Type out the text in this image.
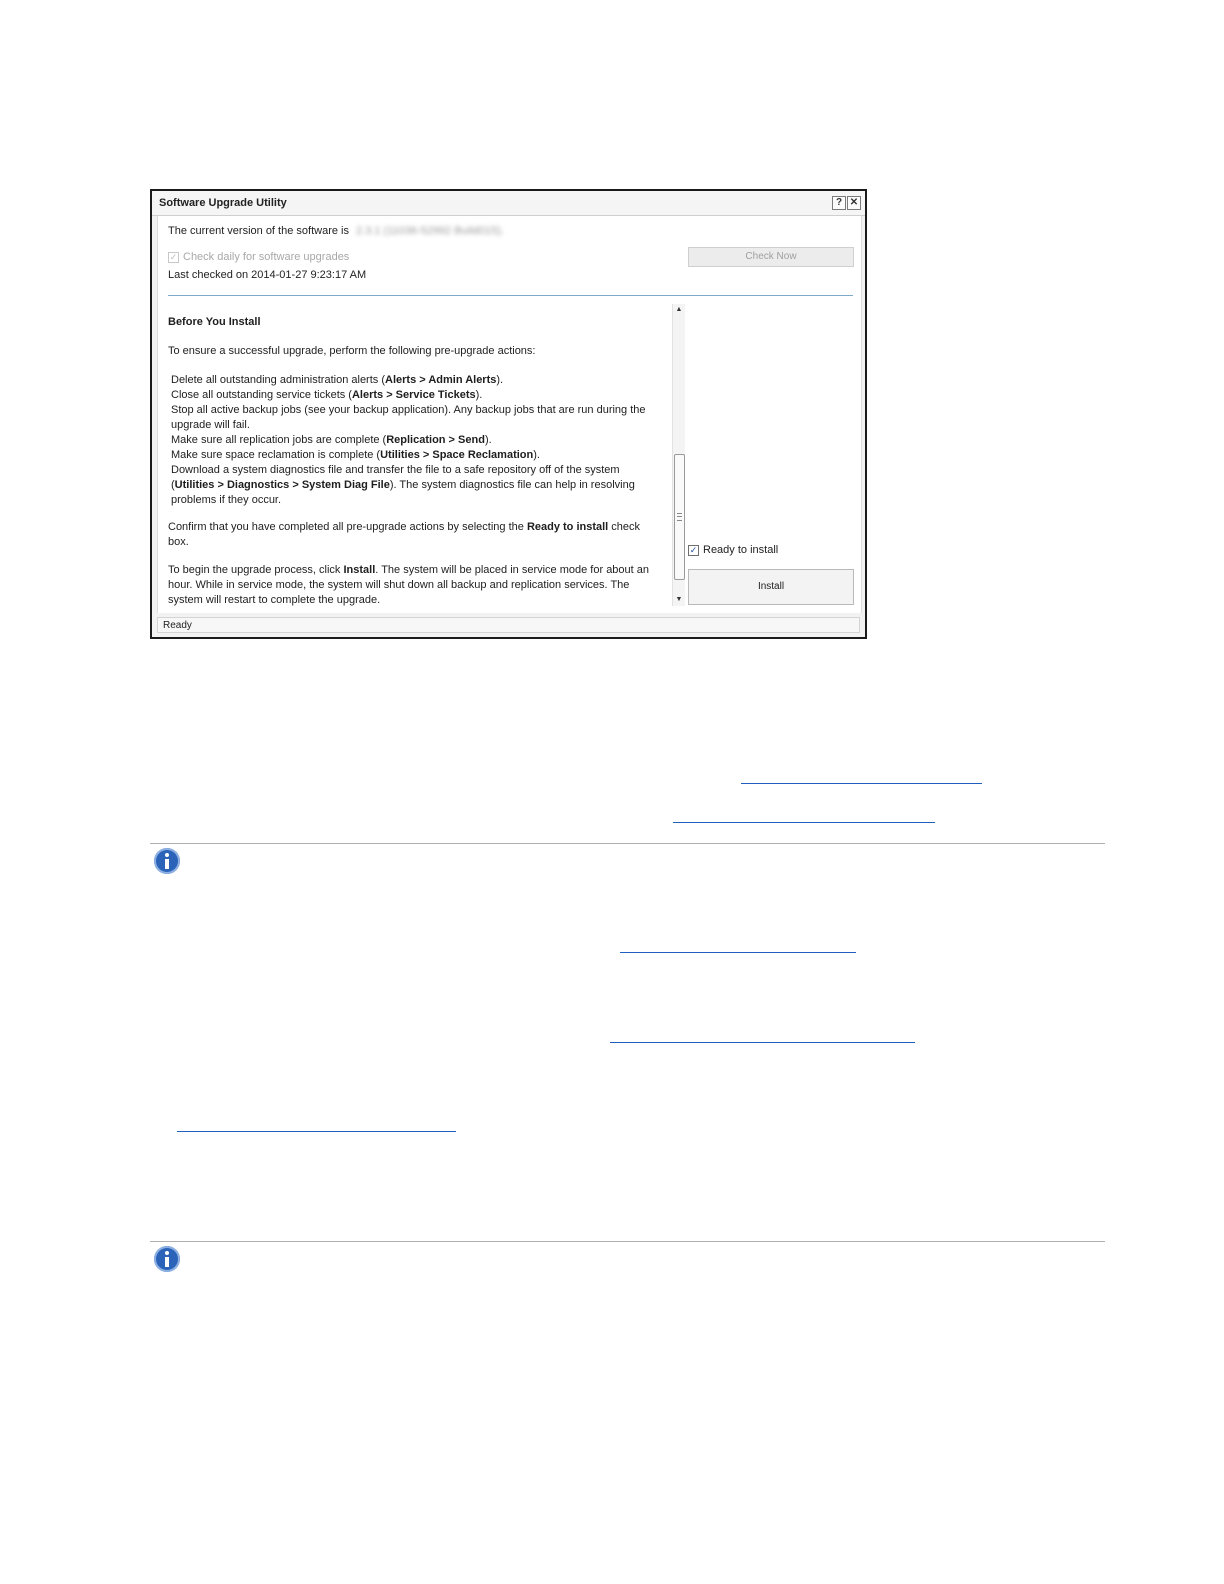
Software Upgrade Utility	? ✕
The current version of the software is 2.3.1 (11036-52992 Build015).
✓ Check daily for software upgrades
Last checked on 2014-01-27 9:23:17 AM
Check Now

Before You Install

To ensure a successful upgrade, perform the following pre-upgrade actions:

Delete all outstanding administration alerts (Alerts > Admin Alerts).
Close all outstanding service tickets (Alerts > Service Tickets).
Stop all active backup jobs (see your backup application). Any backup jobs that are run during the upgrade will fail.
Make sure all replication jobs are complete (Replication > Send).
Make sure space reclamation is complete (Utilities > Space Reclamation).
Download a system diagnostics file and transfer the file to a safe repository off of the system (Utilities > Diagnostics > System Diag File). The system diagnostics file can help in resolving problems if they occur.

Confirm that you have completed all pre-upgrade actions by selecting the Ready to install check box.

To begin the upgrade process, click Install. The system will be placed in service mode for about an hour. While in service mode, the system will shut down all backup and replication services. The system will restart to complete the upgrade.

▲
▼
✓ Ready to install
Install
Ready
